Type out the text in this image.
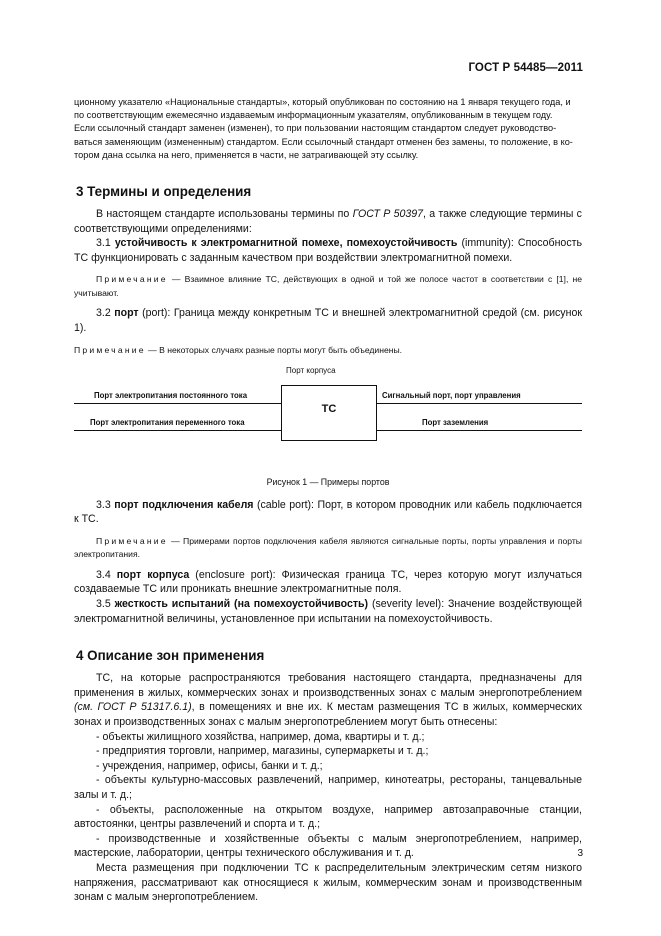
ГОСТ Р 54485—2011
ционному указателю «Национальные стандарты», который опубликован по состоянию на 1 января текущего года, и
по соответствующим ежемесячно издаваемым информационным указателям, опубликованным в текущем году.
Если ссылочный стандарт заменен (изменен), то при пользовании настоящим стандартом следует руководство-
ваться заменяющим (измененным) стандартом. Если ссылочный стандарт отменен без замены, то положение, в ко-
тором дана ссылка на него, применяется в части, не затрагивающей эту ссылку.
3 Термины и определения

В настоящем стандарте использованы термины по ГОСТ Р 50397, а также следующие термины с соответствующими определениями:

3.1 устойчивость к электромагнитной помехе, помехоустойчивость (immunity): Способность ТС функционировать с заданным качеством при воздействии электромагнитной помехи.

Примечание — Взаимное влияние ТС, действующих в одной и той же полосе частот в соответствии с [1], не учитывают.

3.2 порт (port): Граница между конкретным ТС и внешней электромагнитной средой (см. рисунок 1).

Примечание — В некоторых случаях разные порты могут быть объединены.

Порт корпуса
ТС
Порт электропитания постоянного тока
Порт электропитания переменного тока
Сигнальный порт, порт управления
Порт заземления

Рисунок 1 — Примеры портов

3.3 порт подключения кабеля (cable port): Порт, в котором проводник или кабель подключается к ТС.

Примечание — Примерами портов подключения кабеля являются сигнальные порты, порты управления и порты электропитания.

3.4 порт корпуса (enclosure port): Физическая граница ТС, через которую могут излучаться создаваемые ТС или проникать внешние электромагнитные поля.

3.5 жесткость испытаний (на помехоустойчивость) (severity level): Значение воздействующей электромагнитной величины, установленное при испытании на помехоустойчивость.

4 Описание зон применения

ТС, на которые распространяются требования настоящего стандарта, предназначены для применения в жилых, коммерческих зонах и производственных зонах с малым энергопотреблением (см. ГОСТ Р 51317.6.1), в помещениях и вне их. К местам размещения ТС в жилых, коммерческих зонах и производственных зонах с малым энергопотреблением могут быть отнесены:

- объекты жилищного хозяйства, например, дома, квартиры и т. д.;
- предприятия торговли, например, магазины, супермаркеты и т. д.;
- учреждения, например, офисы, банки и т. д.;
- объекты культурно-массовых развлечений, например, кинотеатры, рестораны, танцевальные залы и т. д.;
- объекты, расположенные на открытом воздухе, например автозаправочные станции, автостоянки, центры развлечений и спорта и т. д.;
- производственные и хозяйственные объекты с малым энергопотреблением, например, мастерские, лаборатории, центры технического обслуживания и т. д.

Места размещения при подключении ТС к распределительным электрическим сетям низкого напряжения, рассматривают как относящиеся к жилым, коммерческим зонам и производственным зонам с малым энергопотреблением.

3
